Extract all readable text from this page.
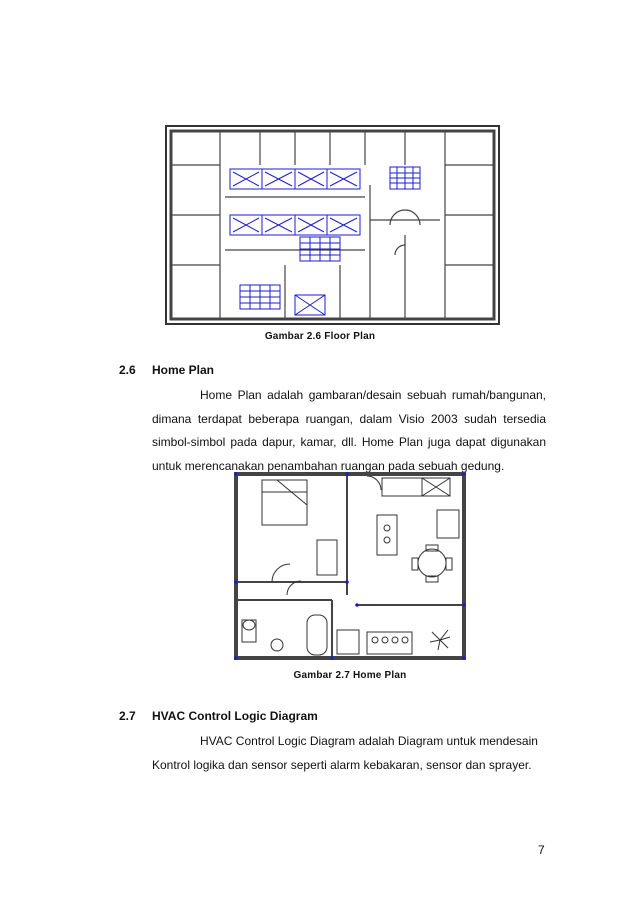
Gambar 2.6 Floor Plan
2.6 Home Plan
Home Plan adalah gambaran/desain sebuah rumah/bangunan,
dimana terdapat beberapa ruangan, dalam Visio 2003 sudah tersedia
simbol-simbol pada dapur, kamar, dll. Home Plan juga dapat digunakan
untuk merencanakan penambahan ruangan pada sebuah gedung.
Gambar 2.7 Home Plan
2.7 HVAC Control Logic Diagram
HVAC Control Logic Diagram adalah Diagram untuk mendesain
Kontrol logika dan sensor seperti alarm kebakaran, sensor dan sprayer.
7
